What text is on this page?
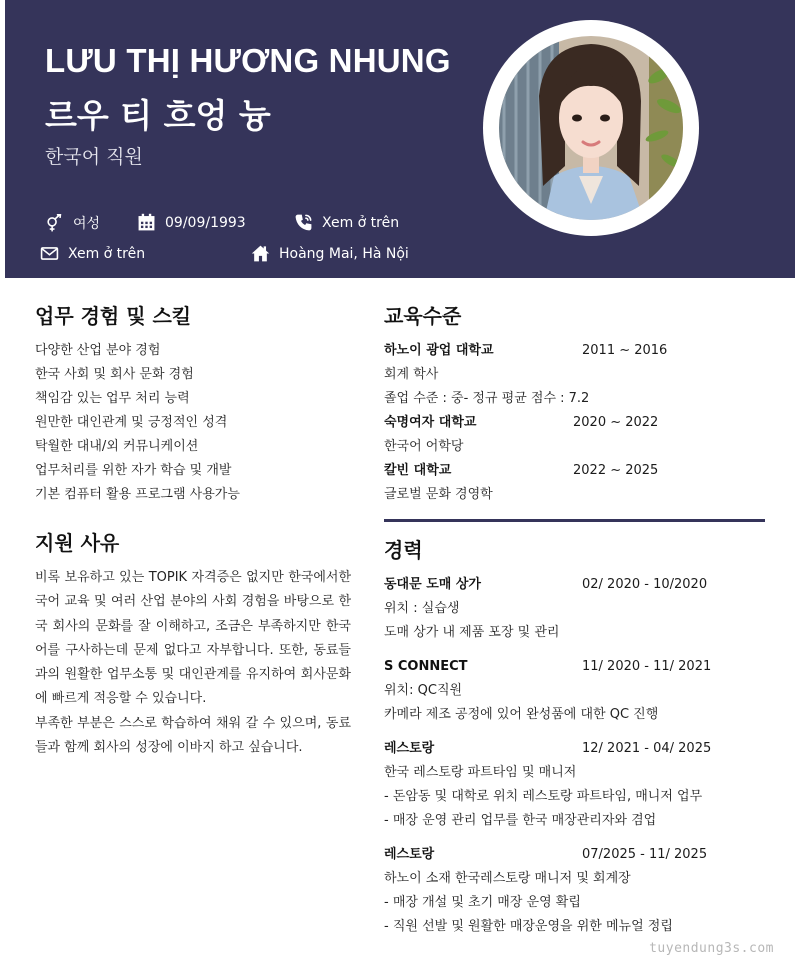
LƯU THỊ HƯƠNG NHUNG
르우 티 흐엉 늉
한국어 직원
여성	09/09/1993	Xem ở trên
Xem ở trên	Hoàng Mai, Hà Nội
업무 경험 및 스킬
다양한 산업 분야 경험
한국 사회 및 회사 문화 경험
책임감 있는 업무 처리 능력
원만한 대인관계 및 긍정적인 성격
탁월한 대내/외 커뮤니케이션
업무처리를 위한 자가 학습 및 개발
기본 컴퓨터 활용 프로그램 사용가능
지원 사유
비록 보유하고 있는 TOPIK 자격증은 없지만 한국에서한국어 교육 및 여러 산업 분야의 사회 경험을 바탕으로 한국 회사의 문화를 잘 이해하고, 조금은 부족하지만 한국어를 구사하는데 문제 없다고 자부합니다. 또한, 동료들과의 원활한 업무소통 및 대인관계를 유지하여 회사문화에 빠르게 적응할 수 있습니다.
부족한 부분은 스스로 학습하여 채워 갈 수 있으며, 동료들과 함께 회사의 성장에 이바지 하고 싶습니다.
교육수준
하노이 광업 대학교	2011 ~ 2016
회계 학사
졸업 수준 : 중- 정규 평균 점수 : 7.2
숙명여자 대학교	2020 ~ 2022
한국어 어학당
칼빈 대학교	2022 ~ 2025
글로벌 문화 경영학
경력
동대문 도매 상가	02/ 2020 - 10/2020
위치 : 실습생
도매 상가 내 제품 포장 및 관리
S CONNECT	11/ 2020 - 11/ 2021
위치: QC직원
카메라 제조 공정에 있어 완성품에 대한 QC 진행
레스토랑	12/ 2021 - 04/ 2025
한국 레스토랑 파트타임 및 매니저
- 돈암동 및 대학로 위치 레스토랑 파트타임, 매니저 업무
- 매장 운영 관리 업무를 한국 매장관리자와 겸업
레스토랑	07/2025 - 11/ 2025
하노이 소재 한국레스토랑 매니저 및 회계장
- 매장 개설 및 초기 매장 운영 확립
- 직원 선발 및 원활한 매장운영을 위한 메뉴얼 정립
tuyendung3s.com
